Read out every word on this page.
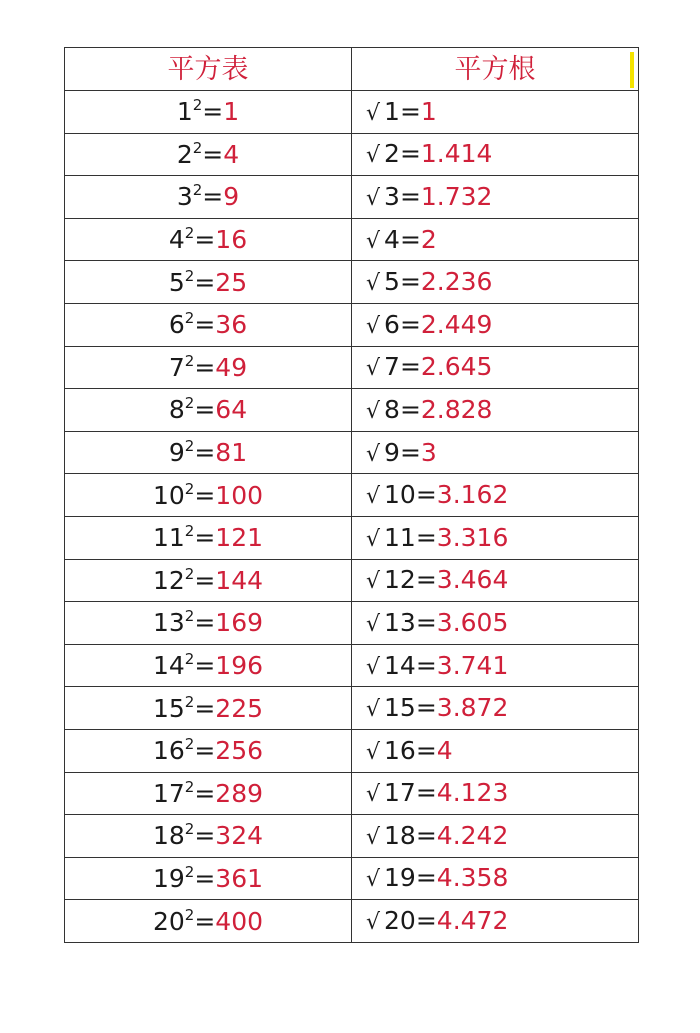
平方表	平方根

$1^2=1$	√ 1=1
$2^2=4$	√ 2=1.414
$3^2=9$	√ 3=1.732
$4^2=16$	√ 4=2
$5^2=25$	√ 5=2.236
$6^2=36$	√ 6=2.449
$7^2=49$	√ 7=2.645
$8^2=64$	√ 8=2.828
$9^2=81$	√ 9=3
$10^2=100$	√ 10=3.162
$11^2=121$	√ 11=3.316
$12^2=144$	√ 12=3.464
$13^2=169$	√ 13=3.605
$14^2=196$	√ 14=3.741
$15^2=225$	√ 15=3.872
$16^2=256$	√ 16=4
$17^2=289$	√ 17=4.123
$18^2=324$	√ 18=4.242
$19^2=361$	√ 19=4.358
$20^2=400$	√ 20=4.472
